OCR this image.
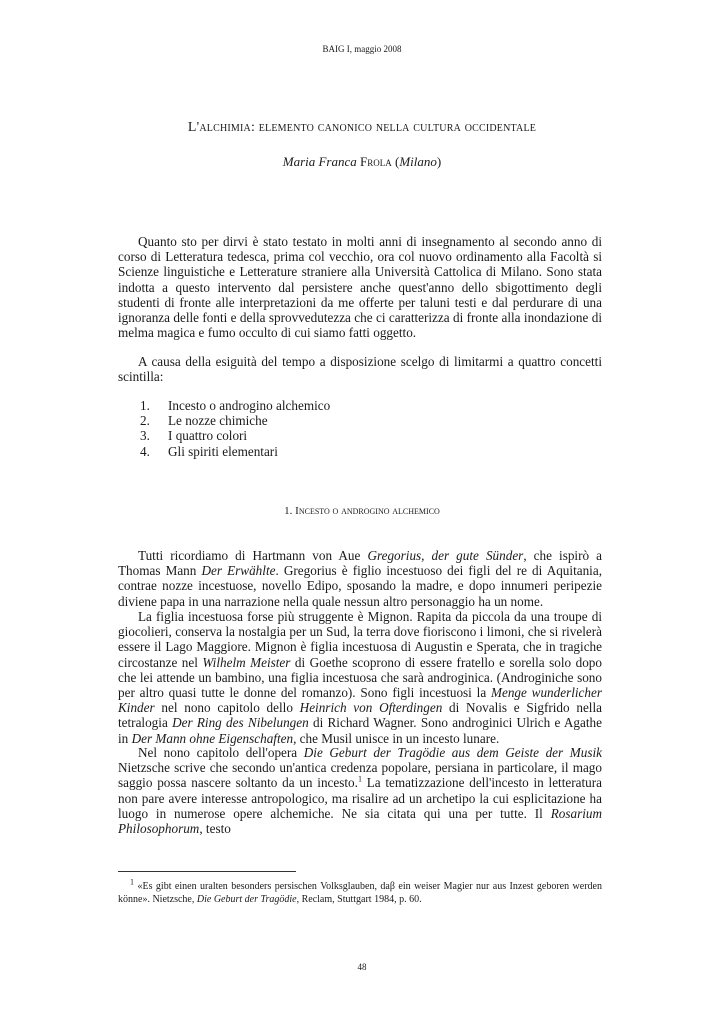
BAIG I, maggio 2008
L'alchimia: elemento canonico nella cultura occidentale
Maria Franca Frola (Milano)

Quanto sto per dirvi è stato testato in molti anni di insegnamento al secondo anno di corso di Letteratura tedesca, prima col vecchio, ora col nuovo ordinamento alla Facoltà si Scienze linguistiche e Letterature straniere alla Università Cattolica di Milano. Sono stata indotta a questo intervento dal persistere anche quest'anno dello sbigottimento degli studenti di fronte alle interpretazioni da me offerte per taluni testi e dal perdurare di una ignoranza delle fonti e della sprovvedutezza che ci caratterizza di fronte alla inondazione di melma magica e fumo occulto di cui siamo fatti oggetto.

A causa della esiguità del tempo a disposizione scelgo di limitarmi a quattro concetti scintilla:

1.	Incesto o androgino alchemico
2.	Le nozze chimiche
3.	I quattro colori
4.	Gli spiriti elementari
1. Incesto o androgino alchemico

Tutti ricordiamo di Hartmann von Aue Gregorius, der gute Sünder, che ispirò a Thomas Mann Der Erwählte. Gregorius è figlio incestuoso dei figli del re di Aquitania, contrae nozze incestuose, novello Edipo, sposando la madre, e dopo innumeri peripezie diviene papa in una narrazione nella quale nessun altro personaggio ha un nome.

La figlia incestuosa forse più struggente è Mignon. Rapita da piccola da una troupe di giocolieri, conserva la nostalgia per un Sud, la terra dove fioriscono i limoni, che si rivelerà essere il Lago Maggiore. Mignon è figlia incestuosa di Augustin e Sperata, che in tragiche circostanze nel Wilhelm Meister di Goethe scoprono di essere fratello e sorella solo dopo che lei attende un bambino, una figlia incestuosa che sarà androginica. (Androginiche sono per altro quasi tutte le donne del romanzo). Sono figli incestuosi la Menge wunderlicher Kinder nel nono capitolo dello Heinrich von Ofterdingen di Novalis e Sigfrido nella tetralogia Der Ring des Nibelungen di Richard Wagner. Sono androginici Ulrich e Agathe in Der Mann ohne Eigenschaften, che Musil unisce in un incesto lunare.

Nel nono capitolo dell'opera Die Geburt der Tragödie aus dem Geiste der Musik Nietzsche scrive che secondo un'antica credenza popolare, persiana in particolare, il mago saggio possa nascere soltanto da un incesto.$^1$ La tematizzazione dell'incesto in letteratura non pare avere interesse antropologico, ma risalire ad un archetipo la cui esplicitazione ha luogo in numerose opere alchemiche. Ne sia citata qui una per tutte. Il Rosarium Philosophorum, testo

$^1$ «Es gibt einen uralten besonders persischen Volksglauben, daβ ein weiser Magier nur aus Inzest geboren werden könne». Nietzsche, Die Geburt der Tragödie, Reclam, Stuttgart 1984, p. 60.
48
